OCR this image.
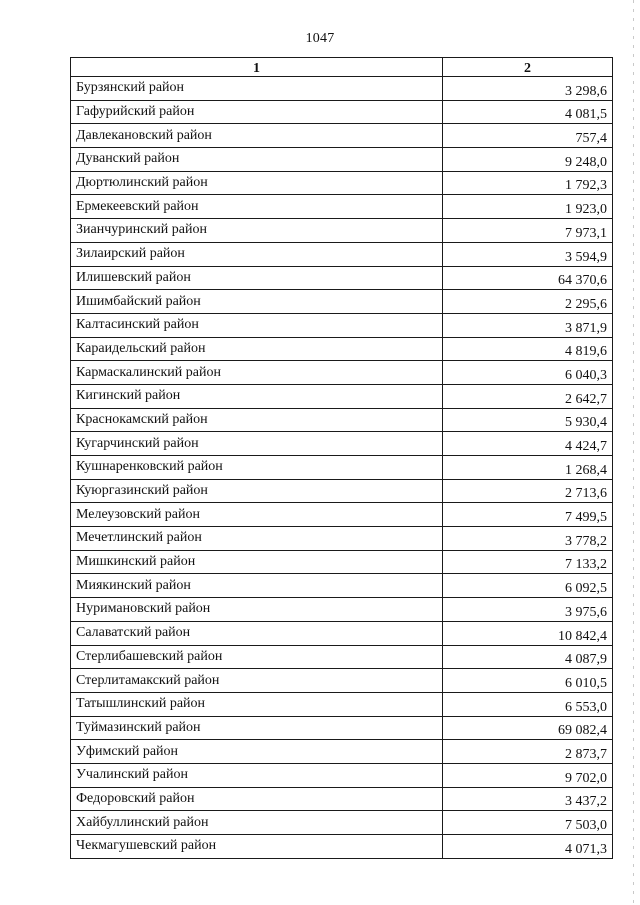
1047
1	2
Бурзянский район	3 298,6
Гафурийский район	4 081,5
Давлекановский район	757,4
Дуванский район	9 248,0
Дюртюлинский район	1 792,3
Ермекеевский район	1 923,0
Зианчуринский район	7 973,1
Зилаирский район	3 594,9
Илишевский район	64 370,6
Ишимбайский район	2 295,6
Калтасинский район	3 871,9
Караидельский район	4 819,6
Кармаскалинский район	6 040,3
Кигинский район	2 642,7
Краснокамский район	5 930,4
Кугарчинский район	4 424,7
Кушнаренковский район	1 268,4
Куюргазинский район	2 713,6
Мелеузовский район	7 499,5
Мечетлинский район	3 778,2
Мишкинский район	7 133,2
Миякинский район	6 092,5
Нуримановский район	3 975,6
Салаватский район	10 842,4
Стерлибашевский район	4 087,9
Стерлитамакский район	6 010,5
Татышлинский район	6 553,0
Туймазинский район	69 082,4
Уфимский район	2 873,7
Учалинский район	9 702,0
Федоровский район	3 437,2
Хайбуллинский район	7 503,0
Чекмагушевский район	4 071,3
